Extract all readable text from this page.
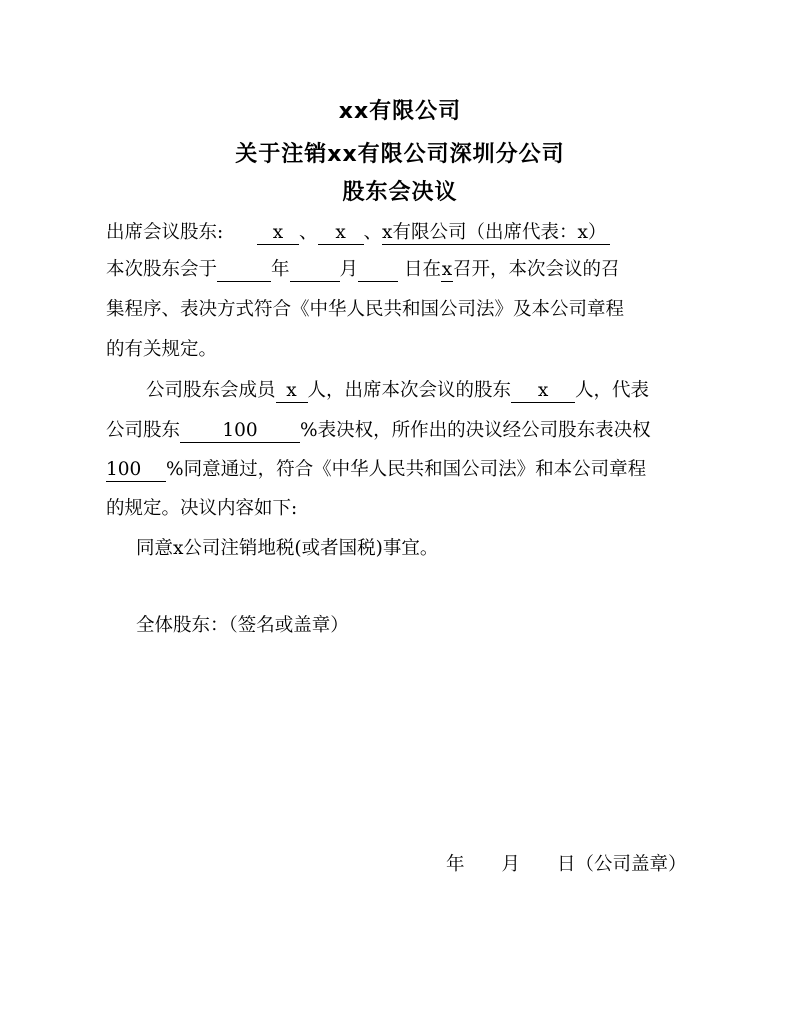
xx有限公司
关于注销xx有限公司深圳分公司
股东会决议
出席会议股东:	x 、 x 、x有限公司（出席代表：x）
本次股东会于	年	月 日在x召开，本次会议的召
集程序、表决方式符合《中华人民共和国公司法》及本公司章程
的有关规定。
公司股东会成员 x 人，出席本次会议的股东 x 人，代表
公司股东 100 %表决权，所作出的决议经公司股东表决权
100 %同意通过，符合《中华人民共和国公司法》和本公司章程
的规定。决议内容如下:
同意x公司注销地税(或者国税)事宜。
全体股东：（签名或盖章）
年　　月　　日（公司盖章）
